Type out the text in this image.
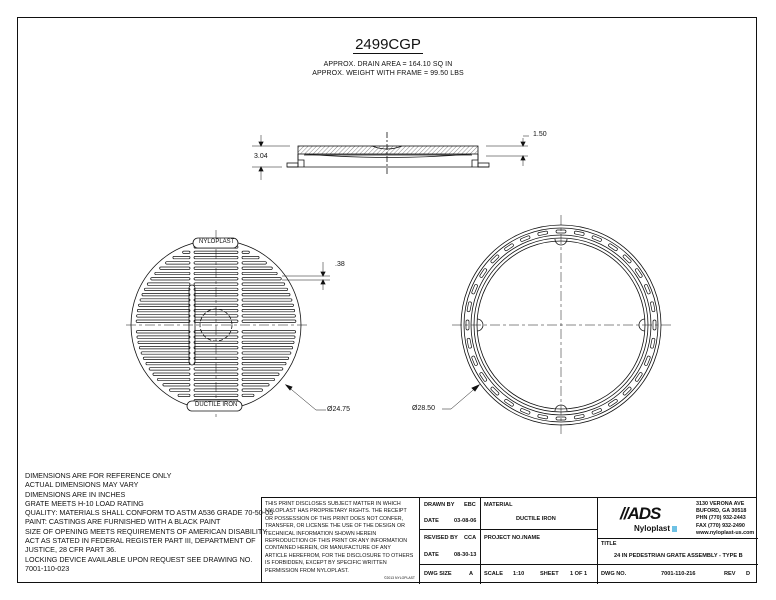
2499CGP
APPROX. DRAIN AREA = 164.10 SQ IN
APPROX. WEIGHT WITH FRAME = 99.50 LBS
3.04
1.50
NYLOPLAST
DUCTILE IRON
.38
Ø24.75	Ø28.50
DIMENSIONS ARE FOR REFERENCE ONLY
ACTUAL DIMENSIONS MAY VARY
DIMENSIONS ARE IN INCHES
GRATE MEETS H-10 LOAD RATING
QUALITY: MATERIALS SHALL CONFORM TO ASTM A536 GRADE 70-50-05
PAINT: CASTINGS ARE FURNISHED WITH A BLACK PAINT
SIZE OF OPENING MEETS REQUIREMENTS OF AMERICAN DISABILITY
ACT AS STATED IN FEDERAL REGISTER PART III, DEPARTMENT OF
JUSTICE, 28 CFR PART 36.
LOCKING DEVICE AVAILABLE UPON REQUEST SEE DRAWING NO.
7001-110-023
THIS PRINT DISCLOSES SUBJECT MATTER IN WHICH
NYLOPLAST HAS PROPRIETARY RIGHTS. THE RECEIPT
OR POSSESSION OF THIS PRINT DOES NOT CONFER,
TRANSFER, OR LICENSE THE USE OF THE DESIGN OR
TECHNICAL INFORMATION SHOWN HEREIN
REPRODUCTION OF THIS PRINT OR ANY INFORMATION
CONTAINED HEREIN, OR MANUFACTURE OF ANY
ARTICLE HEREFROM, FOR THE DISCLOSURE TO OTHERS
IS FORBIDDEN, EXCEPT BY SPECIFIC WRITTEN
PERMISSION FROM NYLOPLAST.
©2013 NYLOPLAST
DRAWN BY EBC
DATE	03-08-06
REVISED BY CCA
DATE	08-30-13
DWG SIZE	A
MATERIAL
DUCTILE IRON
PROJECT NO./NAME
SCALE 1:10	SHEET 1 OF 1
//ADS
Nyloplast
3130 VERONA AVE
BUFORD, GA 30518
PHN (770) 932-2443
FAX (770) 932-2490
www.nyloplast-us.com
TITLE
24 IN PEDESTRIAN GRATE ASSEMBLY - TYPE B
DWG NO.	7001-110-216	REV D
